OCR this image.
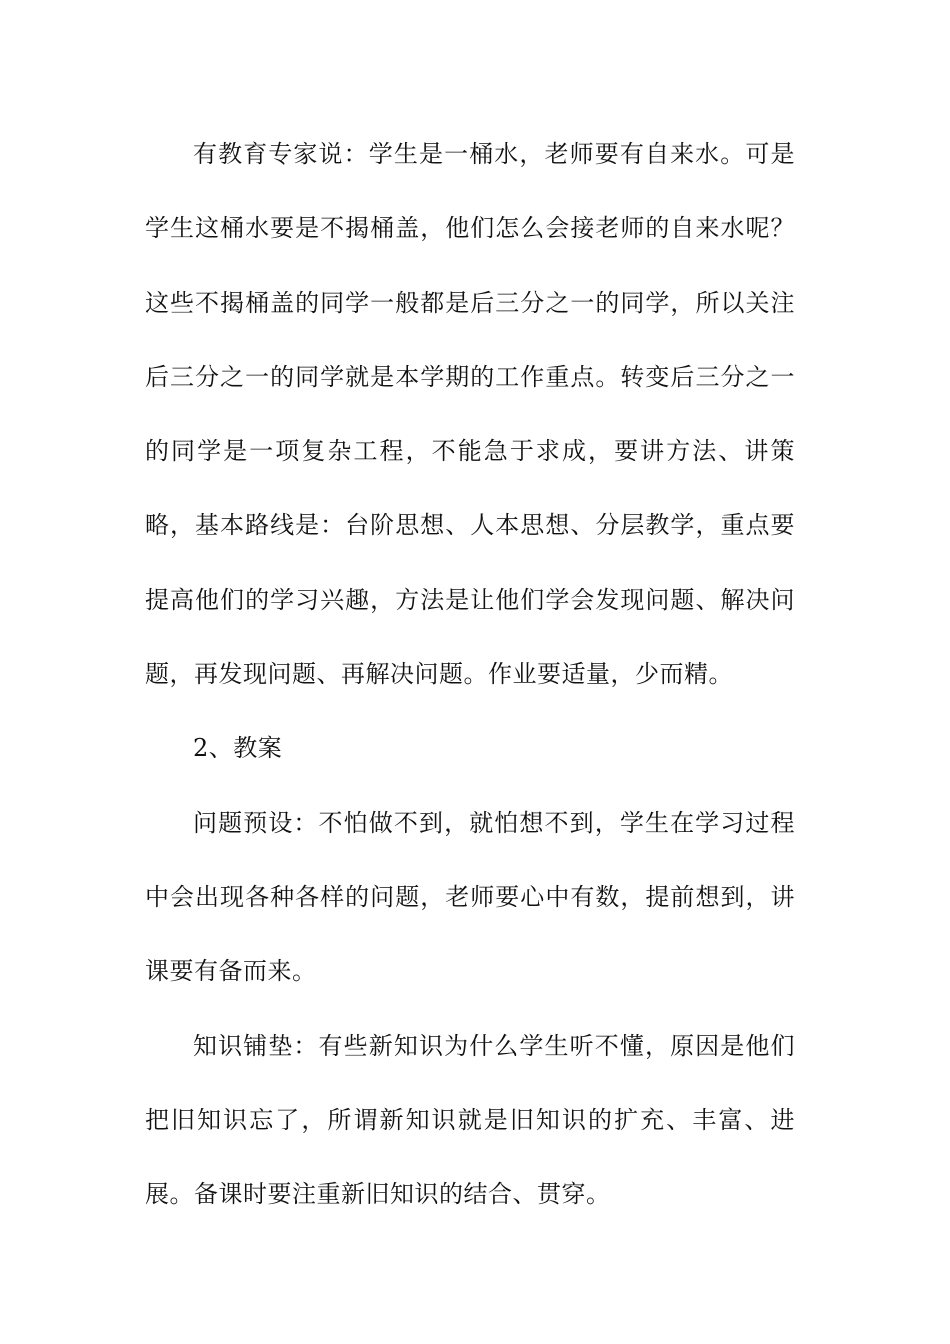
有教育专家说：学生是一桶水，老师要有自来水。可是学生这桶水要是不揭桶盖，他们怎么会接老师的自来水呢？这些不揭桶盖的同学一般都是后三分之一的同学，所以关注后三分之一的同学就是本学期的工作重点。转变后三分之一的同学是一项复杂工程，不能急于求成，要讲方法、讲策略，基本路线是：台阶思想、人本思想、分层教学，重点要提高他们的学习兴趣，方法是让他们学会发现问题、解决问题，再发现问题、再解决问题。作业要适量，少而精。

2、教案

问题预设：不怕做不到，就怕想不到，学生在学习过程中会出现各种各样的问题，老师要心中有数，提前想到，讲课要有备而来。

知识铺垫：有些新知识为什么学生听不懂，原因是他们把旧知识忘了，所谓新知识就是旧知识的扩充、丰富、进展。备课时要注重新旧知识的结合、贯穿。
